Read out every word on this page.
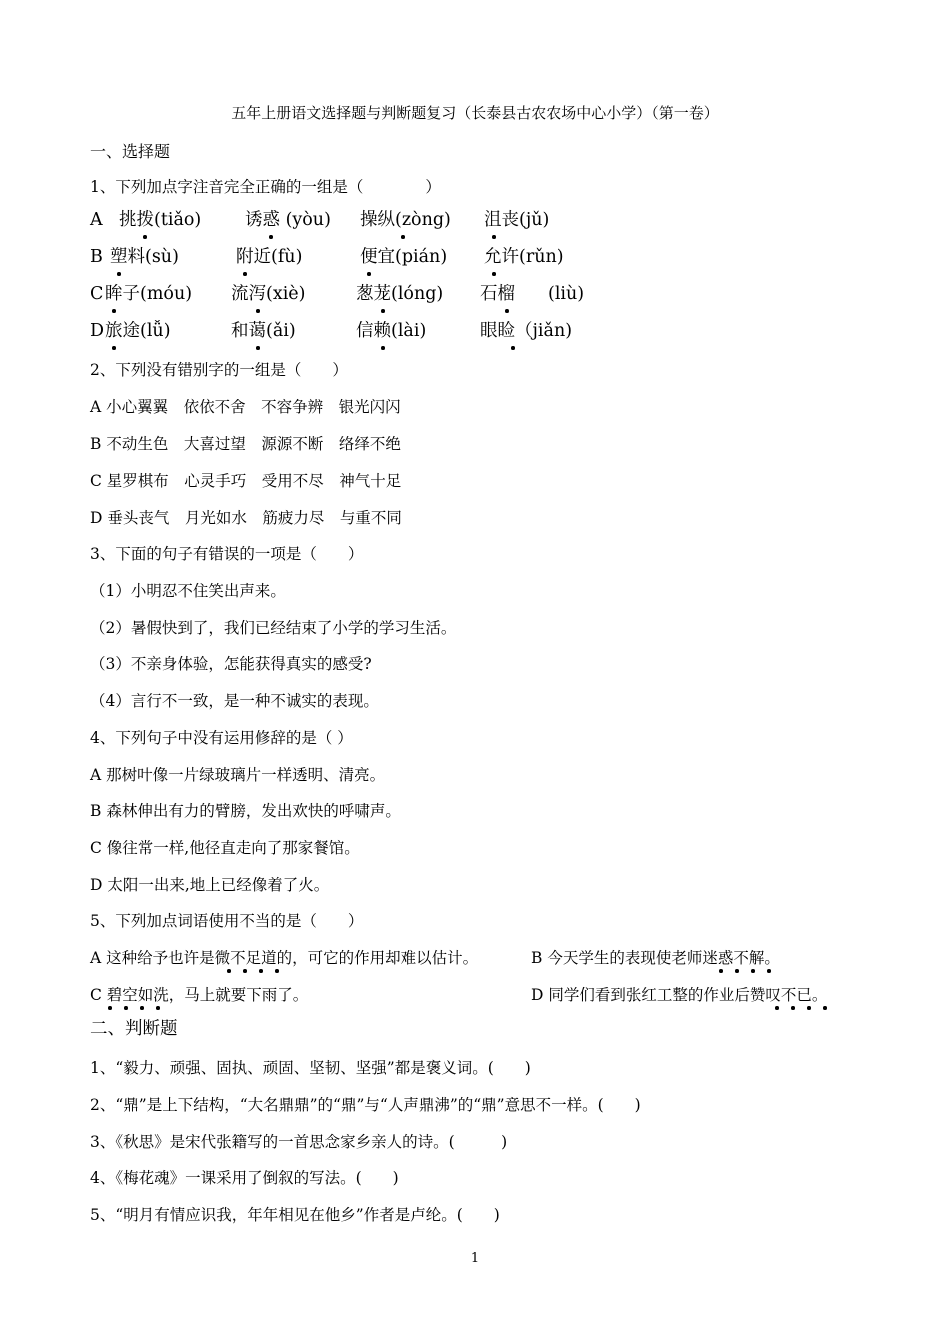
五年上册语文选择题与判断题复习（长泰县古农农场中心小学）（第一卷）
一、选择题
1、下列加点字注音完全正确的一组是（　　　　）
A 挑拨(tiǎo) 诱惑 (yòu) 操纵(zòng) 沮丧(jǔ)
B 塑料(sù)	附近(fù)	便宜(pián) 允许(rǔn)
C 眸子(móu) 流泻(xiè)	葱茏(lóng) 石榴 (liù)
D 旅途(lǚ)	和蔼(ǎi)	信赖(lài)	眼睑（jiǎn)
2、下列没有错别字的一组是（　　）
A 小心翼翼　依依不舍　不容争辨　银光闪闪
B 不动生色　大喜过望　源源不断　络绎不绝
C 星罗棋布　心灵手巧　受用不尽　神气十足
D 垂头丧气　月光如水　筋疲力尽　与重不同
3、下面的句子有错误的一项是（　　）
（1）小明忍不住笑出声来。
（2）暑假快到了，我们已经结束了小学的学习生活。
（3）不亲身体验，怎能获得真实的感受?
（4）言行不一致，是一种不诚实的表现。
4、下列句子中没有运用修辞的是（ ）
A 那树叶像一片绿玻璃片一样透明、清亮。
B 森林伸出有力的臂膀，发出欢快的呼啸声。
C 像往常一样,他径直走向了那家餐馆。
D 太阳一出来,地上已经像着了火。
5、下列加点词语使用不当的是（　　）
A 这种给予也许是微不足道的，可它的作用却难以估计。	B 今天学生的表现使老师迷惑不解。
C 碧空如洗，马上就要下雨了。	D 同学们看到张红工整的作业后赞叹不已。
二、判断题
1、“毅力、顽强、固执、顽固、坚韧、坚强”都是褒义词。(　　)
2、“鼎”是上下结构，“大名鼎鼎”的“鼎”与“人声鼎沸”的“鼎”意思不一样。(　　)
3、《秋思》是宋代张籍写的一首思念家乡亲人的诗。(　　　)
4、《梅花魂》一课采用了倒叙的写法。(　　)
5、“明月有情应识我，年年相见在他乡”作者是卢纶。(　　)
1
